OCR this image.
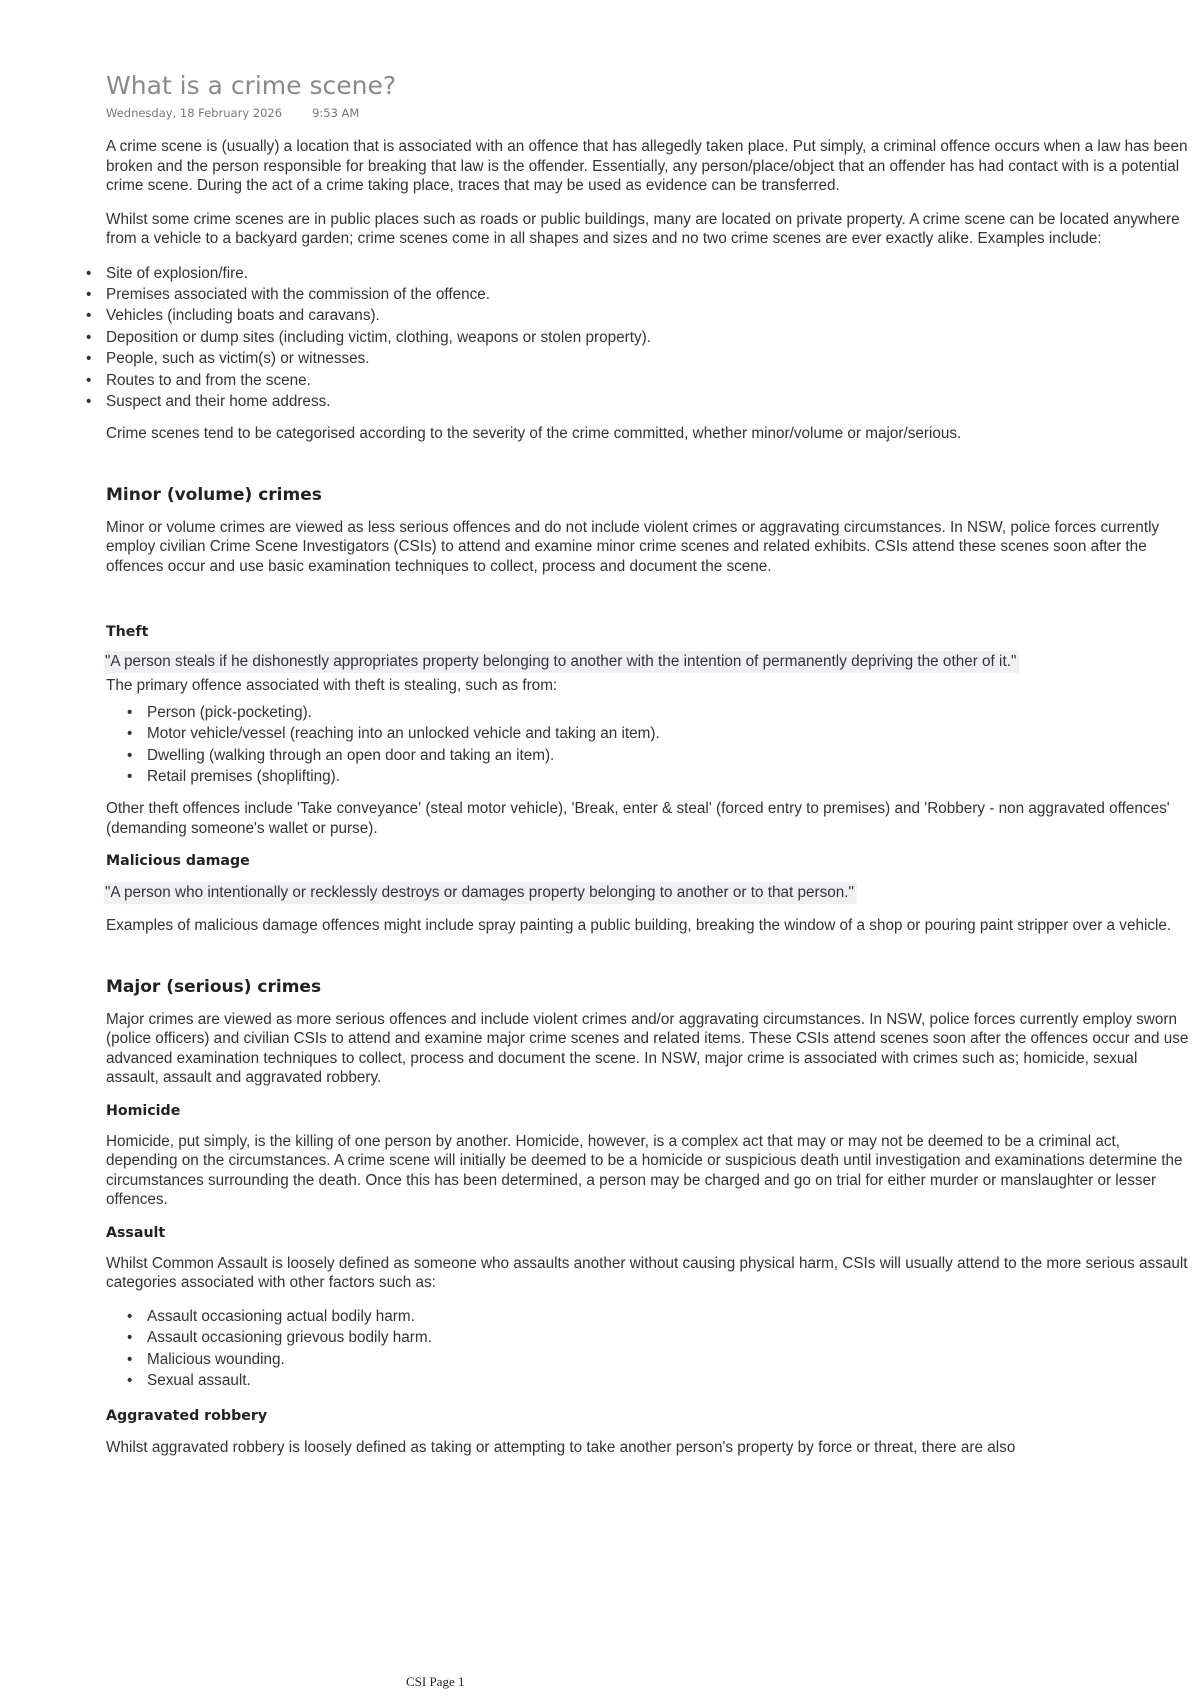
What is a crime scene?
Wednesday, 18 February 2026	9:53 AM

A crime scene is (usually) a location that is associated with an offence that has allegedly taken place. Put simply, a criminal offence occurs when a law has been broken and the person responsible for breaking that law is the offender. Essentially, any person/place/object that an offender has had contact with is a potential crime scene. During the act of a crime taking place, traces that may be used as evidence can be transferred.

Whilst some crime scenes are in public places such as roads or public buildings, many are located on private property. A crime scene can be located anywhere from a vehicle to a backyard garden; crime scenes come in all shapes and sizes and no two crime scenes are ever exactly alike. Examples include:

• Site of explosion/fire.
• Premises associated with the commission of the offence.
• Vehicles (including boats and caravans).
• Deposition or dump sites (including victim, clothing, weapons or stolen property).
• People, such as victim(s) or witnesses.
• Routes to and from the scene.
• Suspect and their home address.

Crime scenes tend to be categorised according to the severity of the crime committed, whether minor/volume or major/serious.

Minor (volume) crimes

Minor or volume crimes are viewed as less serious offences and do not include violent crimes or aggravating circumstances. In NSW, police forces currently employ civilian Crime Scene Investigators (CSIs) to attend and examine minor crime scenes and related exhibits. CSIs attend these scenes soon after the offences occur and use basic examination techniques to collect, process and document the scene.

Theft
"A person steals if he dishonestly appropriates property belonging to another with the intention of permanently depriving the other of it."

The primary offence associated with theft is stealing, such as from:

• Person (pick-pocketing).
• Motor vehicle/vessel (reaching into an unlocked vehicle and taking an item).
• Dwelling (walking through an open door and taking an item).
• Retail premises (shoplifting).

Other theft offences include 'Take conveyance' (steal motor vehicle), 'Break, enter & steal' (forced entry to premises) and 'Robbery - non aggravated offences' (demanding someone's wallet or purse).

Malicious damage
"A person who intentionally or recklessly destroys or damages property belonging to another or to that person."

Examples of malicious damage offences might include spray painting a public building, breaking the window of a shop or pouring paint stripper over a vehicle.

Major (serious) crimes

Major crimes are viewed as more serious offences and include violent crimes and/or aggravating circumstances. In NSW, police forces currently employ sworn (police officers) and civilian CSIs to attend and examine major crime scenes and related items. These CSIs attend scenes soon after the offences occur and use advanced examination techniques to collect, process and document the scene. In NSW, major crime is associated with crimes such as; homicide, sexual assault, assault and aggravated robbery.

Homicide

Homicide, put simply, is the killing of one person by another. Homicide, however, is a complex act that may or may not be deemed to be a criminal act, depending on the circumstances. A crime scene will initially be deemed to be a homicide or suspicious death until investigation and examinations determine the circumstances surrounding the death. Once this has been determined, a person may be charged and go on trial for either murder or manslaughter or lesser offences.

Assault

Whilst Common Assault is loosely defined as someone who assaults another without causing physical harm, CSIs will usually attend to the more serious assault categories associated with other factors such as:

• Assault occasioning actual bodily harm.
• Assault occasioning grievous bodily harm.
• Malicious wounding.
• Sexual assault.
Aggravated robbery

Whilst aggravated robbery is loosely defined as taking or attempting to take another person's property by force or threat, there are also

CSI Page 1
